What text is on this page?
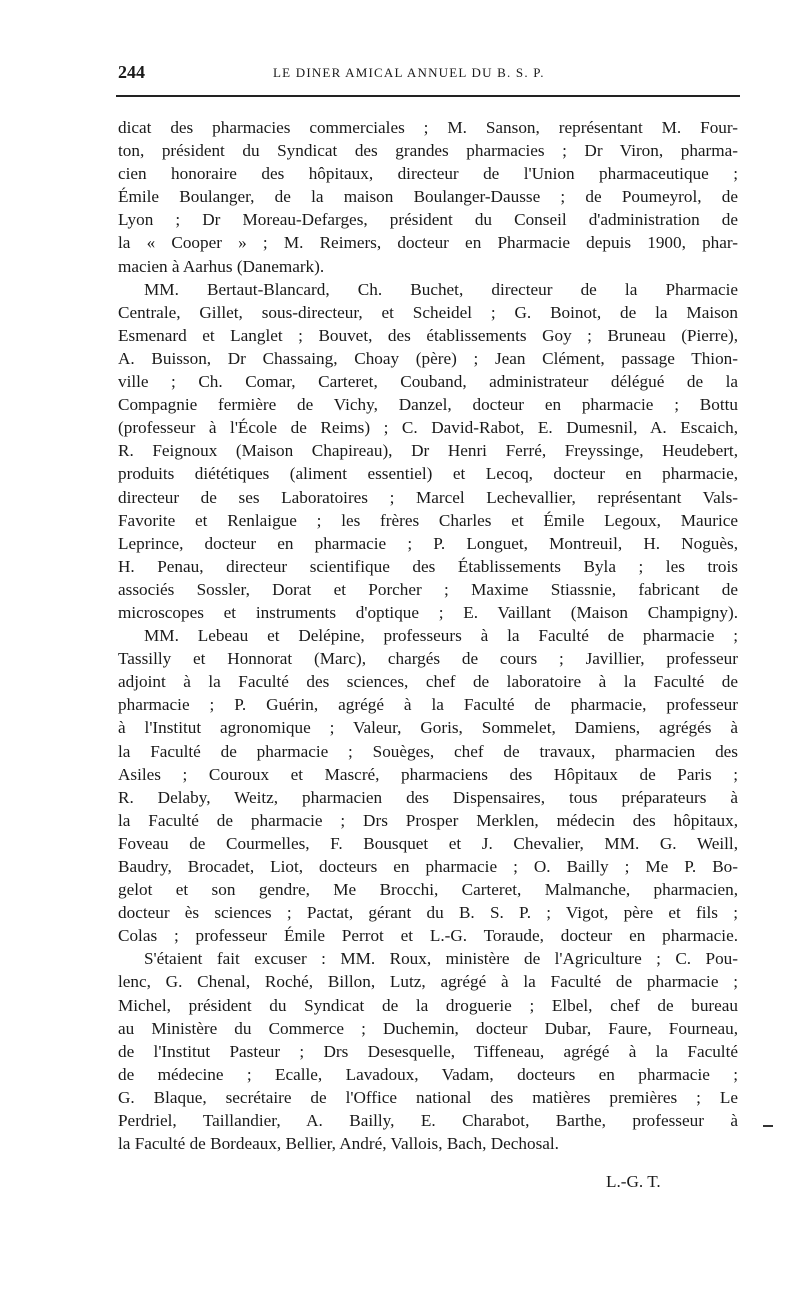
244	LE DINER AMICAL ANNUEL DU B. S. P.
dicat des pharmacies commerciales ; M. Sanson, représentant M. Four-
ton, président du Syndicat des grandes pharmacies ; Dr Viron, pharma-
cien honoraire des hôpitaux, directeur de l'Union pharmaceutique ;
Émile Boulanger, de la maison Boulanger-Dausse ; de Poumeyrol, de
Lyon ; Dr Moreau-Defarges, président du Conseil d'administration de
la « Cooper » ; M. Reimers, docteur en Pharmacie depuis 1900, phar-
macien à Aarhus (Danemark).
MM. Bertaut-Blancard, Ch. Buchet, directeur de la Pharmacie
Centrale, Gillet, sous-directeur, et Scheidel ; G. Boinot, de la Maison
Esmenard et Langlet ; Bouvet, des établissements Goy ; Bruneau (Pierre),
A. Buisson, Dr Chassaing, Choay (père) ; Jean Clément, passage Thion-
ville ; Ch. Comar, Carteret, Couband, administrateur délégué de la
Compagnie fermière de Vichy, Danzel, docteur en pharmacie ; Bottu
(professeur à l'École de Reims) ; C. David-Rabot, E. Dumesnil, A. Escaich,
R. Feignoux (Maison Chapireau), Dr Henri Ferré, Freyssinge, Heudebert,
produits diététiques (aliment essentiel) et Lecoq, docteur en pharmacie,
directeur de ses Laboratoires ; Marcel Lechevallier, représentant Vals-
Favorite et Renlaigue ; les frères Charles et Émile Legoux, Maurice
Leprince, docteur en pharmacie ; P. Longuet, Montreuil, H. Noguès,
H. Penau, directeur scientifique des Établissements Byla ; les trois
associés Sossler, Dorat et Porcher ; Maxime Stiassnie, fabricant de
microscopes et instruments d'optique ; E. Vaillant (Maison Champigny).
MM. Lebeau et Delépine, professeurs à la Faculté de pharmacie ;
Tassilly et Honnorat (Marc), chargés de cours ; Javillier, professeur
adjoint à la Faculté des sciences, chef de laboratoire à la Faculté de
pharmacie ; P. Guérin, agrégé à la Faculté de pharmacie, professeur
à l'Institut agronomique ; Valeur, Goris, Sommelet, Damiens, agrégés à
la Faculté de pharmacie ; Souèges, chef de travaux, pharmacien des
Asiles ; Couroux et Mascré, pharmaciens des Hôpitaux de Paris ;
R. Delaby, Weitz, pharmacien des Dispensaires, tous préparateurs à
la Faculté de pharmacie ; Drs Prosper Merklen, médecin des hôpitaux,
Foveau de Courmelles, F. Bousquet et J. Chevalier, MM. G. Weill,
Baudry, Brocadet, Liot, docteurs en pharmacie ; O. Bailly ; Me P. Bo-
gelot et son gendre, Me Brocchi, Carteret, Malmanche, pharmacien,
docteur ès sciences ; Pactat, gérant du B. S. P. ; Vigot, père et fils ;
Colas ; professeur Émile Perrot et L.-G. Toraude, docteur en pharmacie.
S'étaient fait excuser : MM. Roux, ministère de l'Agriculture ; C. Pou-
lenc, G. Chenal, Roché, Billon, Lutz, agrégé à la Faculté de pharmacie ;
Michel, président du Syndicat de la droguerie ; Elbel, chef de bureau
au Ministère du Commerce ; Duchemin, docteur Dubar, Faure, Fourneau,
de l'Institut Pasteur ; Drs Desesquelle, Tiffeneau, agrégé à la Faculté
de médecine ; Ecalle, Lavadoux, Vadam, docteurs en pharmacie ;
G. Blaque, secrétaire de l'Office national des matières premières ; Le
Perdriel, Taillandier, A. Bailly, E. Charabot, Barthe, professeur à
la Faculté de Bordeaux, Bellier, André, Vallois, Bach, Dechosal.
L.-G. T.
